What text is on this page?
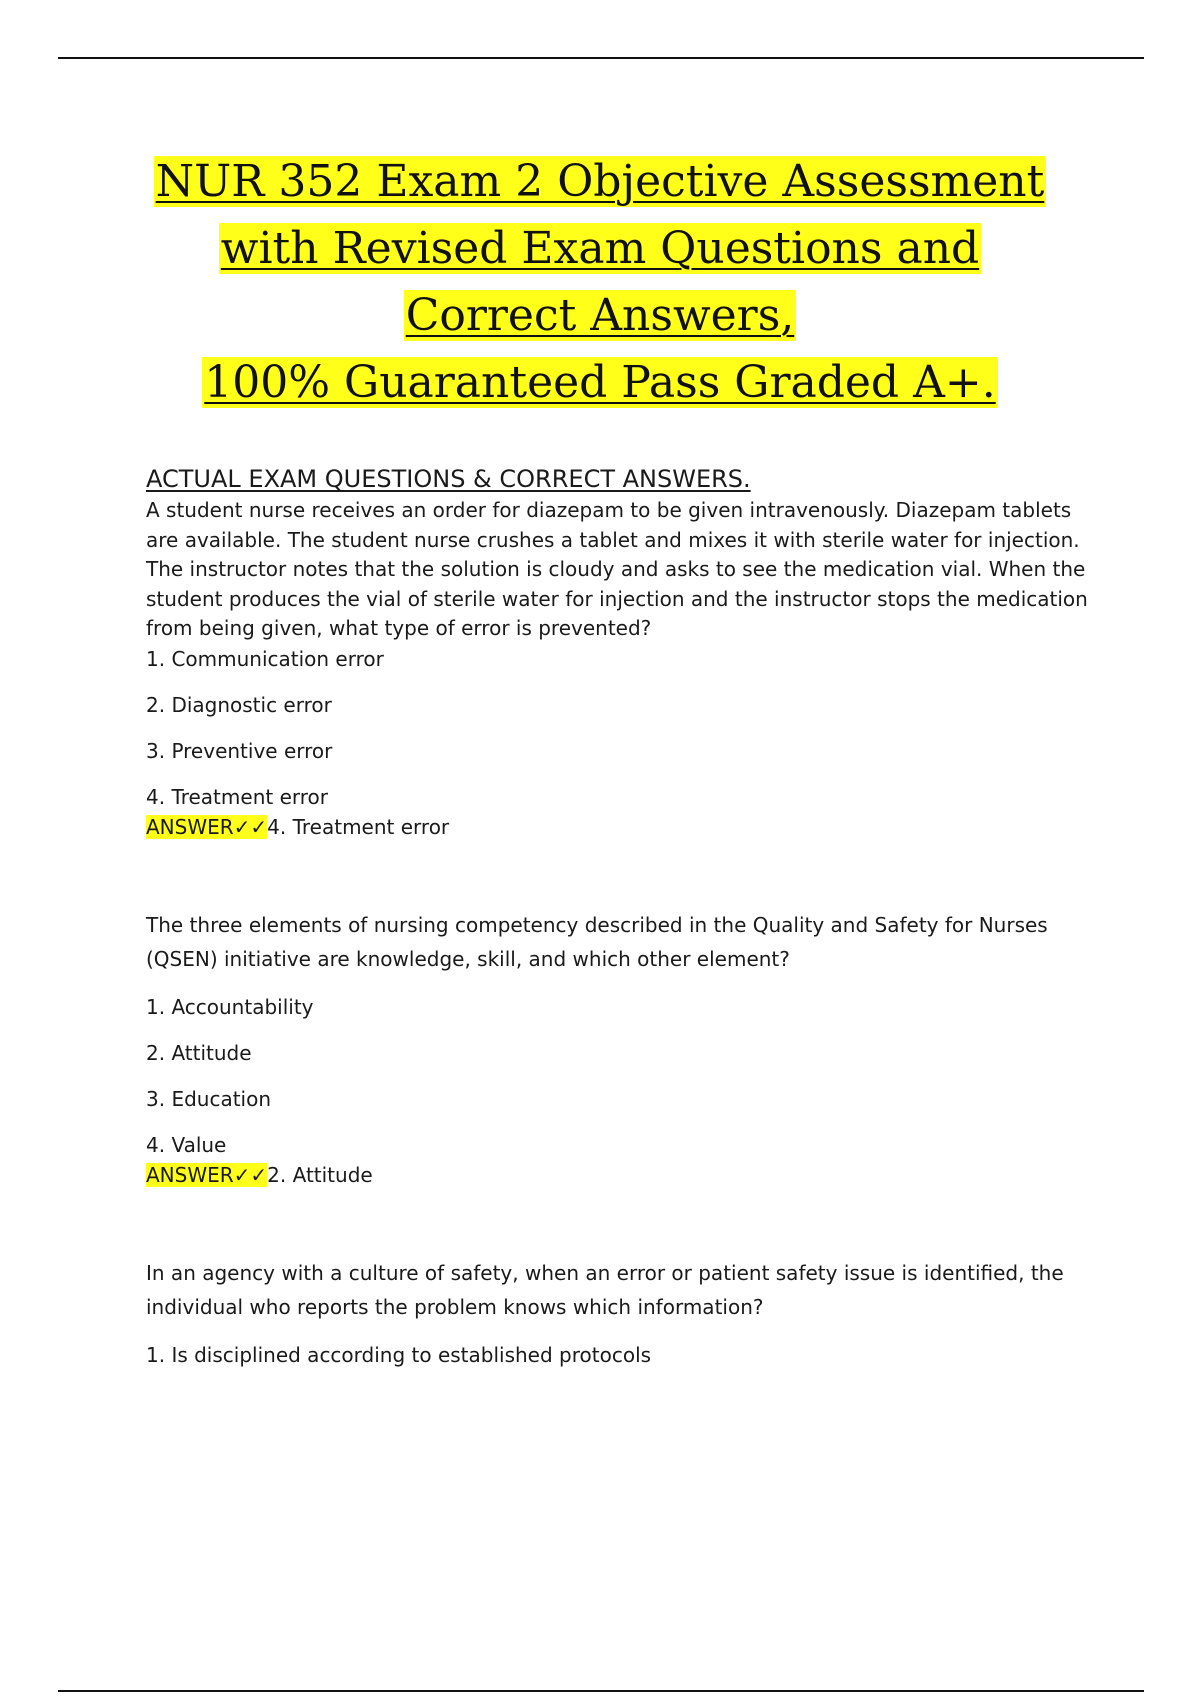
NUR 352 Exam 2 Objective Assessment
with Revised Exam Questions and
Correct Answers,
100% Guaranteed Pass Graded A+.
ACTUAL EXAM QUESTIONS & CORRECT ANSWERS.

A student nurse receives an order for diazepam to be given intravenously. Diazepam tablets are available. The student nurse crushes a tablet and mixes it with sterile water for injection. The instructor notes that the solution is cloudy and asks to see the medication vial. When the student produces the vial of sterile water for injection and the instructor stops the medication from being given, what type of error is prevented?

1. Communication error

2. Diagnostic error

3. Preventive error

4. Treatment error

ANSWER✓✓4. Treatment error

The three elements of nursing competency described in the Quality and Safety for Nurses (QSEN) initiative are knowledge, skill, and which other element?

1. Accountability

2. Attitude

3. Education

4. Value

ANSWER✓✓2. Attitude

In an agency with a culture of safety, when an error or patient safety issue is identified, the individual who reports the problem knows which information?

1. Is disciplined according to established protocols
